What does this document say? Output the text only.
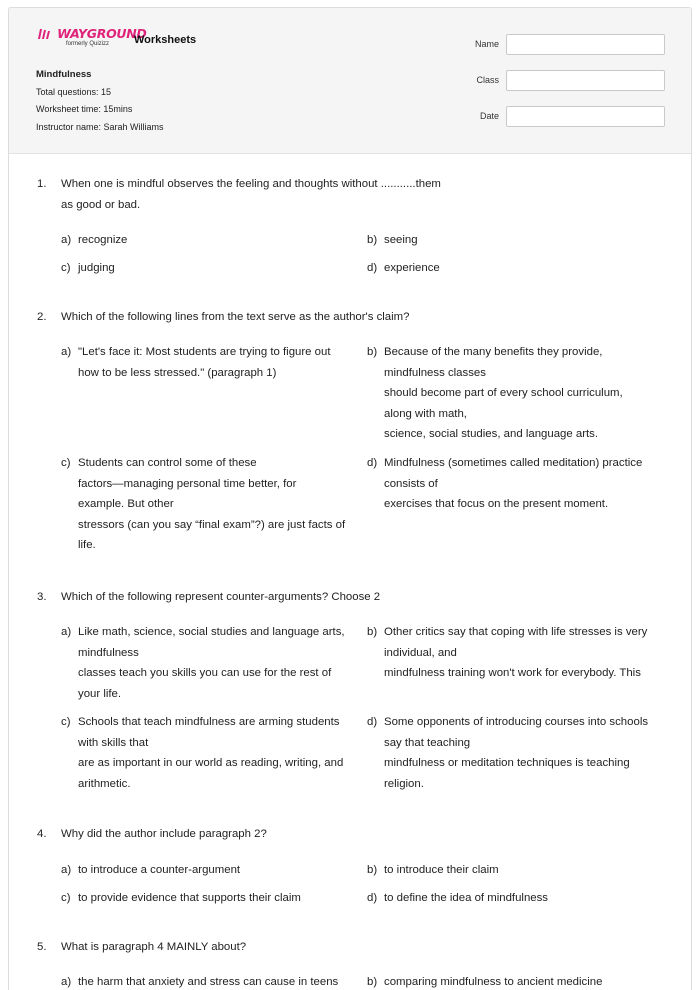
WAYGROUND
formerly Quizizz Worksheets
Mindfulness
Total questions: 15
Worksheet time: 15mins
Instructor name: Sarah Williams
Name
Class
Date
1. When one is mindful observes the feeling and thoughts without ...........them
as good or bad.
a) recognize	b) seeing
c) judging	d) experience
2. Which of the following lines from the text serve as the author's claim?
a) "Let's face it: Most students are trying to figure out
how to be less stressed." (paragraph 1)
b) Because of the many benefits they provide,
mindfulness classes
should become part of every school curriculum,
along with math,
science, social studies, and language arts.
c) Students can control some of these
factors—managing personal time better, for
example. But other
stressors (can you say “final exam”?) are just facts of
life.
d) Mindfulness (sometimes called meditation) practice
consists of
exercises that focus on the present moment.
3. Which of the following represent counter-arguments? Choose 2
a) Like math, science, social studies and language arts,
mindfulness
classes teach you skills you can use for the rest of
your life.
b) Other critics say that coping with life stresses is very
individual, and
mindfulness training won't work for everybody. This
c) Schools that teach mindfulness are arming students
with skills that
are as important in our world as reading, writing, and
arithmetic.
d) Some opponents of introducing courses into schools
say that teaching
mindfulness or meditation techniques is teaching
religion.
4. Why did the author include paragraph 2?
a) to introduce a counter-argument	b) to introduce their claim
c) to provide evidence that supports their claim	d) to define the idea of mindfulness
5. What is paragraph 4 MAINLY about?
a) the harm that anxiety and stress can cause in teens	b) comparing mindfulness to ancient medicine
